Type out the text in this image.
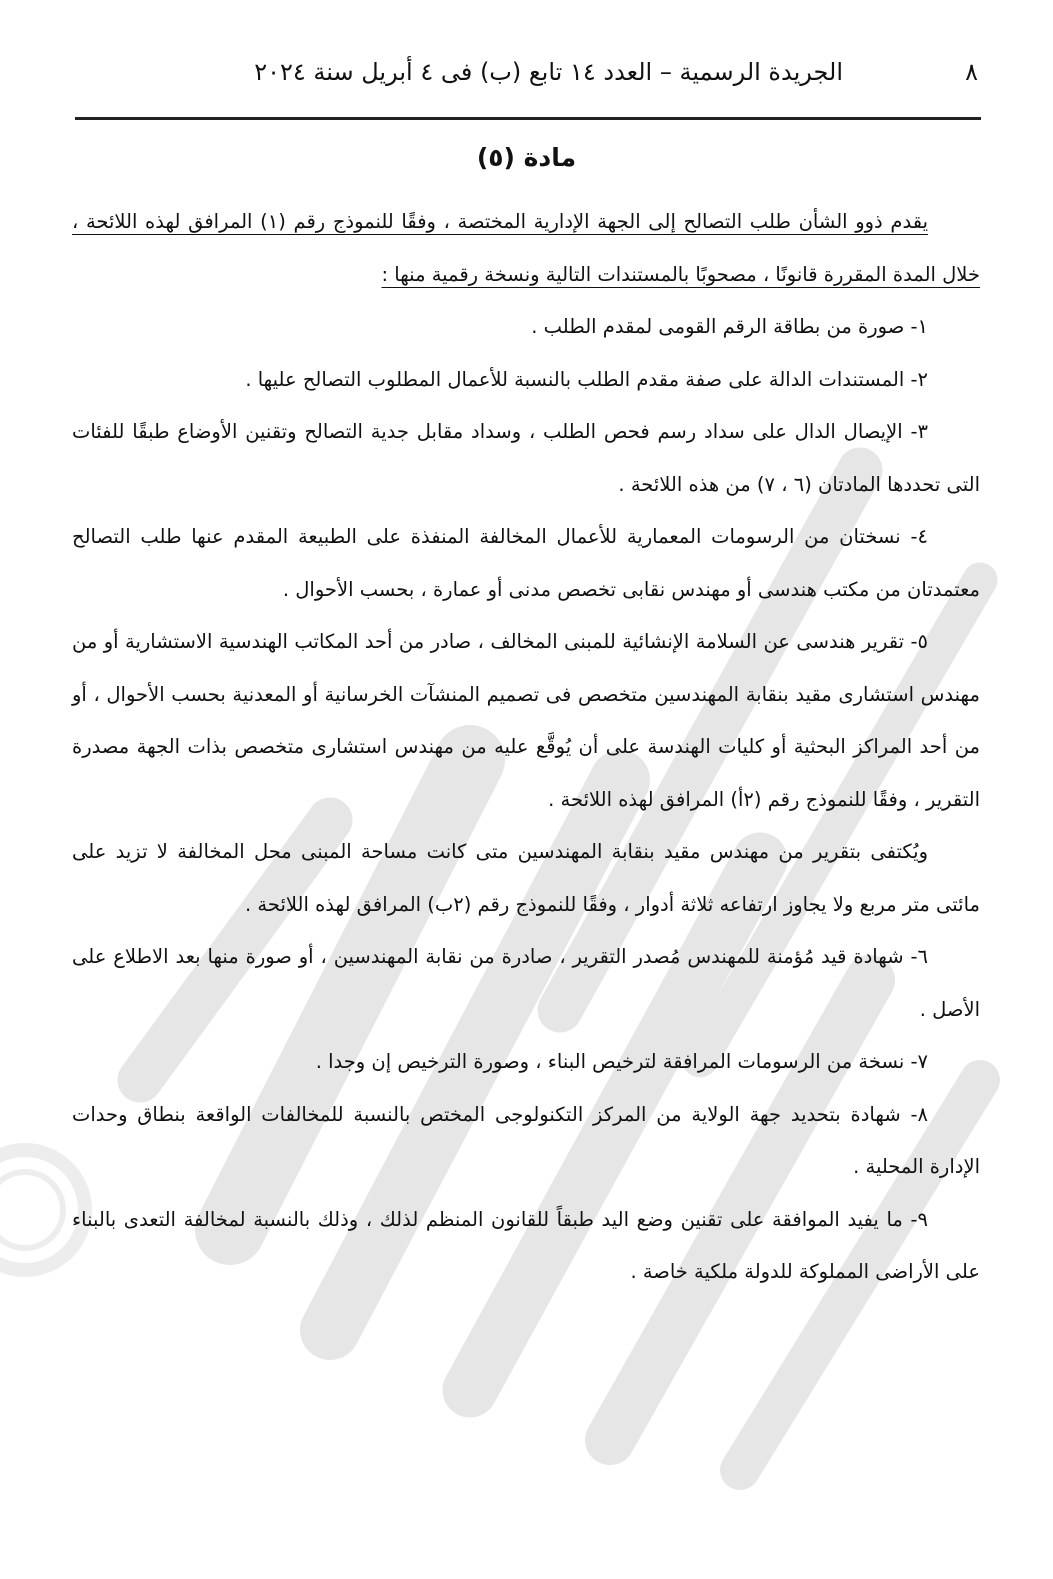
٨
الجريدة الرسمية – العدد ١٤ تابع (ب) فى ٤ أبريل سنة ٢٠٢٤
مادة (٥)

يقدم ذوو الشأن طلب التصالح إلى الجهة الإدارية المختصة ، وفقًا للنموذج رقم (١) المرافق لهذه اللائحة ، خلال المدة المقررة قانونًا ، مصحوبًا بالمستندات التالية ونسخة رقمية منها :

١- صورة من بطاقة الرقم القومى لمقدم الطلب .

٢- المستندات الدالة على صفة مقدم الطلب بالنسبة للأعمال المطلوب التصالح عليها .

٣- الإيصال الدال على سداد رسم فحص الطلب ، وسداد مقابل جدية التصالح وتقنين الأوضاع طبقًا للفئات التى تحددها المادتان (٦ ، ٧) من هذه اللائحة .

٤- نسختان من الرسومات المعمارية للأعمال المخالفة المنفذة على الطبيعة المقدم عنها طلب التصالح معتمدتان من مكتب هندسى أو مهندس نقابى تخصص مدنى أو عمارة ، بحسب الأحوال .

٥- تقرير هندسى عن السلامة الإنشائية للمبنى المخالف ، صادر من أحد المكاتب الهندسية الاستشارية أو من مهندس استشارى مقيد بنقابة المهندسين متخصص فى تصميم المنشآت الخرسانية أو المعدنية بحسب الأحوال ، أو من أحد المراكز البحثية أو كليات الهندسة على أن يُوقَّع عليه من مهندس استشارى متخصص بذات الجهة مصدرة التقرير ، وفقًا للنموذج رقم (٢أ) المرافق لهذه اللائحة .

ويُكتفى بتقرير من مهندس مقيد بنقابة المهندسين متى كانت مساحة المبنى محل المخالفة لا تزيد على مائتى متر مربع ولا يجاوز ارتفاعه ثلاثة أدوار ، وفقًا للنموذج رقم (٢ب) المرافق لهذه اللائحة .

٦- شهادة قيد مُؤمنة للمهندس مُصدر التقرير ، صادرة من نقابة المهندسين ، أو صورة منها بعد الاطلاع على الأصل .

٧- نسخة من الرسومات المرافقة لترخيص البناء ، وصورة الترخيص إن وجدا .

٨- شهادة بتحديد جهة الولاية من المركز التكنولوجى المختص بالنسبة للمخالفات الواقعة بنطاق وحدات الإدارة المحلية .

٩- ما يفيد الموافقة على تقنين وضع اليد طبقاً للقانون المنظم لذلك ، وذلك بالنسبة لمخالفة التعدى بالبناء على الأراضى المملوكة للدولة ملكية خاصة .
